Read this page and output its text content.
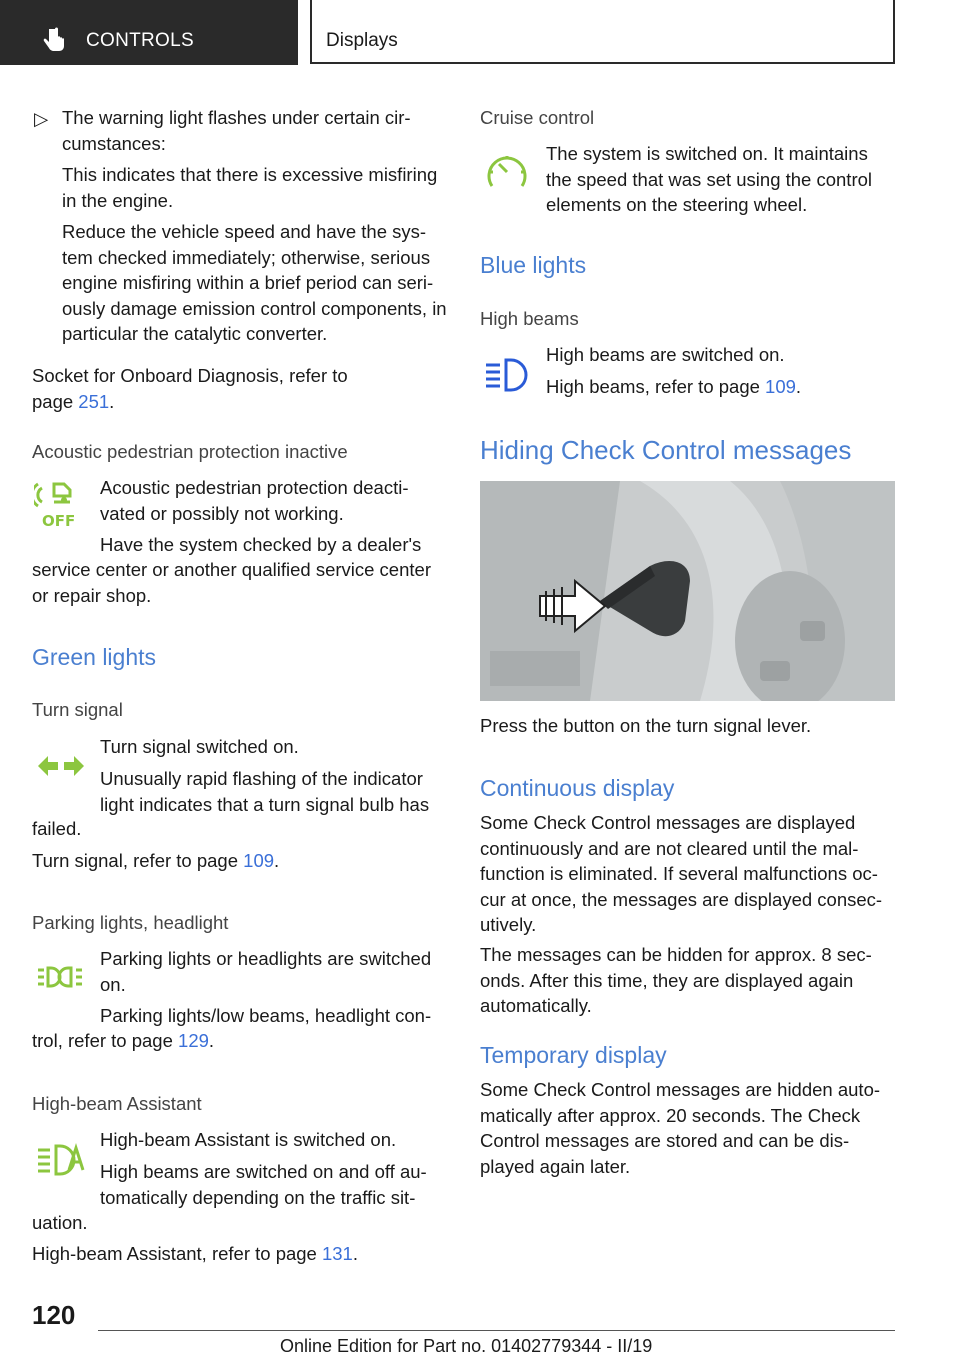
CONTROLS	Displays
▷ The warning light flashes under certain cir-cumstances:
This indicates that there is excessive misfiring in the engine.
Reduce the vehicle speed and have the sys-tem checked immediately; otherwise, serious engine misfiring within a brief period can seri-ously damage emission control components, in particular the catalytic converter.
Socket for Onboard Diagnosis, refer to page 251.
Acoustic pedestrian protection inactive
OFF
Acoustic pedestrian protection deacti-vated or possibly not working.
Have the system checked by a dealer's
service center or another qualified service center or repair shop.
Green lights
Turn signal
Turn signal switched on.
Unusually rapid flashing of the indicator light indicates that a turn signal bulb has
failed.
Turn signal, refer to page 109.
Parking lights, headlight
Parking lights or headlights are switched on.
Parking lights/low beams, headlight con-
trol, refer to page 129.
High-beam Assistant
High-beam Assistant is switched on.
High beams are switched on and off au-tomatically depending on the traffic sit-
uation.
High-beam Assistant, refer to page 131.
Cruise control
The system is switched on. It maintains the speed that was set using the control elements on the steering wheel.
Blue lights
High beams
High beams are switched on.
High beams, refer to page 109.
Hiding Check Control messages
Press the button on the turn signal lever.
Continuous display
Some Check Control messages are displayed continuously and are not cleared until the mal-function is eliminated. If several malfunctions oc-cur at once, the messages are displayed consec-utively.
The messages can be hidden for approx. 8 sec-onds. After this time, they are displayed again automatically.
Temporary display
Some Check Control messages are hidden auto-matically after approx. 20 seconds. The Check Control messages are stored and can be dis-played again later.
120
Online Edition for Part no. 01402779344 - II/19
